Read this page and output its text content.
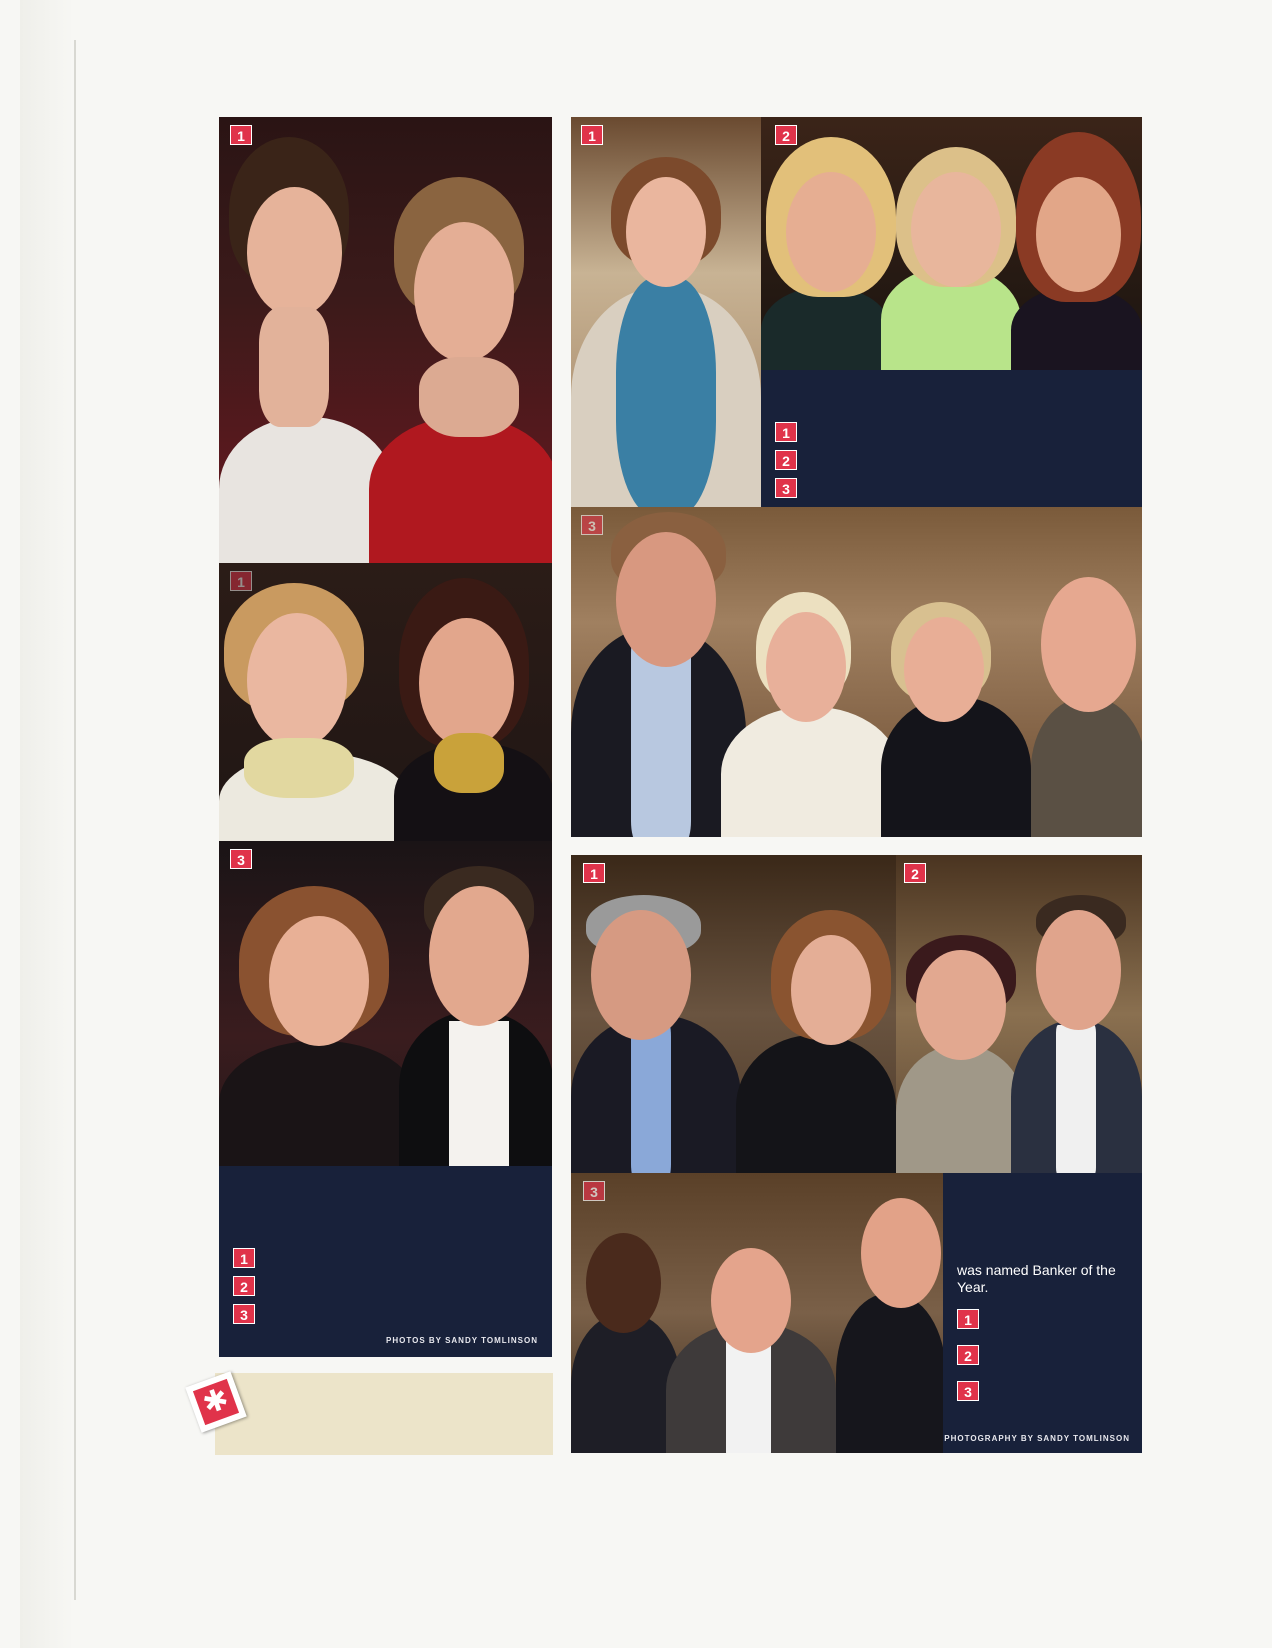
1
1
3
1
2
3
PHOTOS BY SANDY TOMLINSON
✱
1	2
1
2
3
3
1	2
3
was named Banker of the Year.
1
2
3
PHOTOGRAPHY BY SANDY TOMLINSON
